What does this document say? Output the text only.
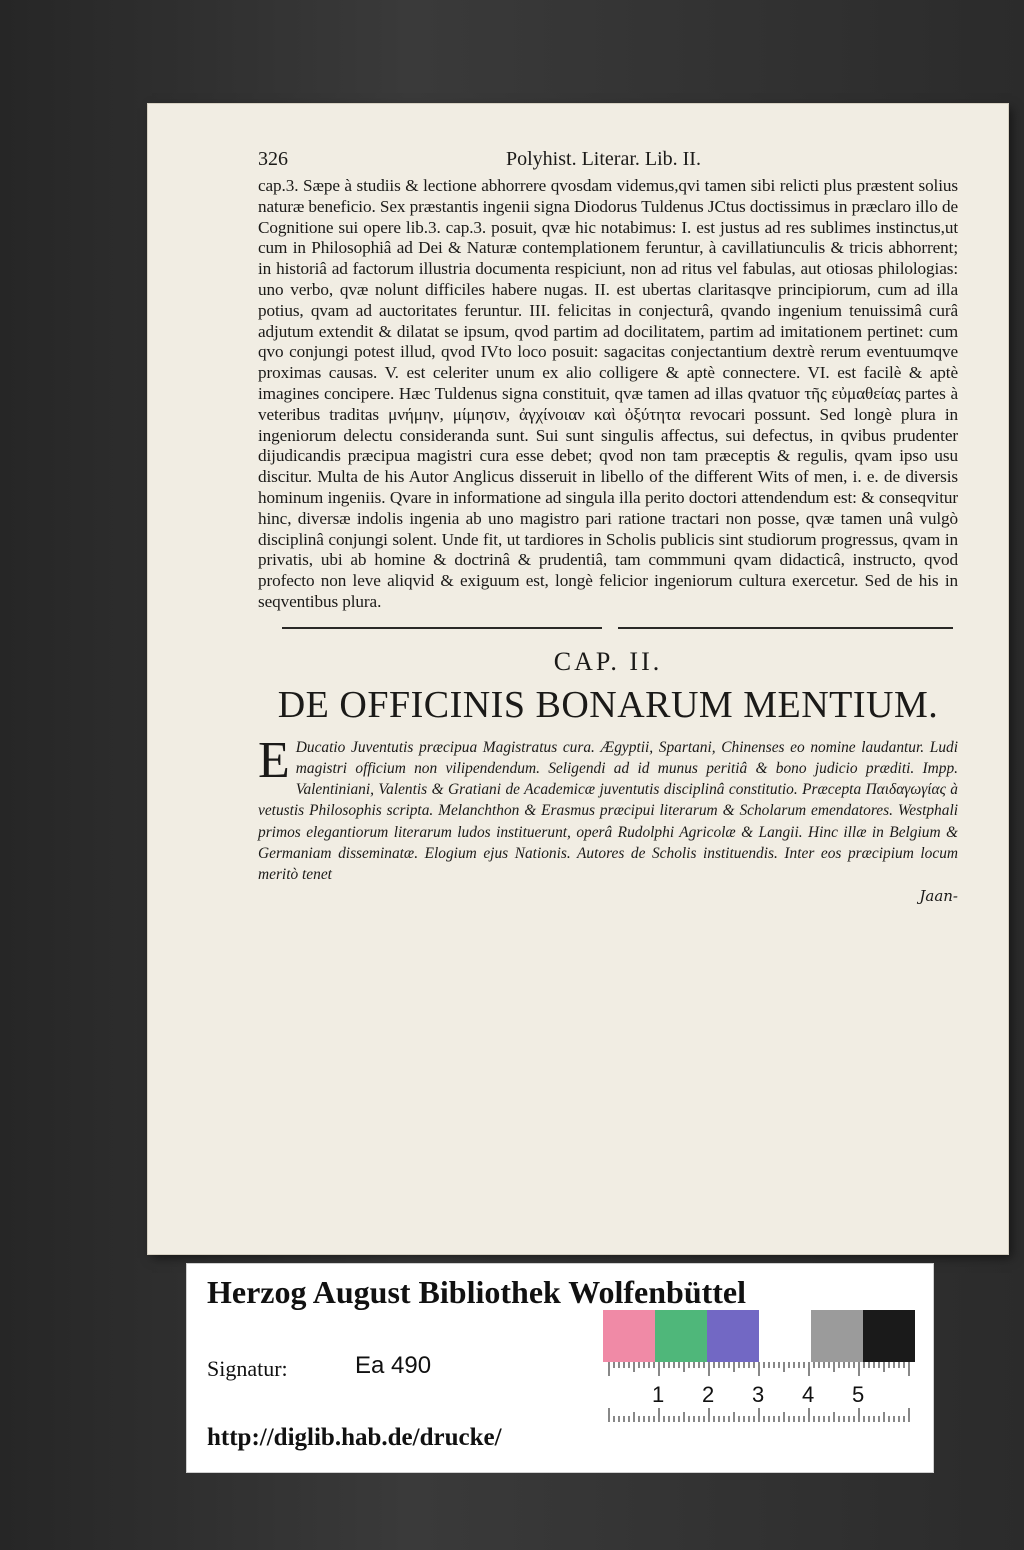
326	Polyhist. Literar. Lib. II.

cap.3. Sæpe à studiis & lectione abhorrere qvosdam videmus,qvi tamen sibi relicti plus præstent solius naturæ beneficio. Sex præstantis ingenii signa Diodorus Tuldenus JCtus doctissimus in præclaro illo de Cognitione sui opere lib.3. cap.3. posuit, qvæ hic notabimus: I. est justus ad res sublimes instinctus,ut cum in Philosophiâ ad Dei & Naturæ contemplationem feruntur, à cavillatiunculis & tricis abhorrent; in historiâ ad factorum illustria documenta respiciunt, non ad ritus vel fabulas, aut otiosas philologias: uno verbo, qvæ nolunt difficiles habere nugas. II. est ubertas claritasqve principiorum, cum ad illa potius, qvam ad auctoritates feruntur. III. felicitas in conjecturâ, qvando ingenium tenuissimâ curâ adjutum extendit & dilatat se ipsum, qvod partim ad docilitatem, partim ad imitationem pertinet: cum qvo conjungi potest illud, qvod IVto loco posuit: sagacitas conjectantium dextrè rerum eventuumqve proximas causas. V. est celeriter unum ex alio colligere & aptè connectere. VI. est facilè & aptè imagines concipere. Hæc Tuldenus signa constituit, qvæ tamen ad illas qvatuor τῆς εὐμαθείας partes à veteribus traditas μνήμην, μίμησιν, ἀγχίνοιαν καὶ ὀξύτητα revocari possunt. Sed longè plura in ingeniorum delectu considerandа sunt. Sui sunt singulis affectus, sui defectus, in qvibus prudenter dijudicandis præcipua magistri cura esse debet; qvod non tam præceptis & regulis, qvam ipso usu discitur. Multa de his Autor Anglicus disseruit in libello of the different Wits of men, i. e. de diversis hominum ingeniis. Qvare in informatione ad singula illa perito doctori attendendum est: & conseqvitur hinc, diversæ indolis ingenia ab uno magistro pari ratione tractari non posse, qvæ tamen unâ vulgò disciplinâ conjungi solent. Unde fit, ut tardiores in Scholis publicis sint studiorum progressus, qvam in privatis, ubi ab homine & doctrinâ & prudentiâ, tam commmuni qvam didacticâ, instructo, qvod profecto non leve aliqvid & exiguum est, longè felicior ingeniorum cultura exercetur. Sed de his in seqventibus plura.

CAP. II.
DE OFFICINIS BONARUM MENTIUM.

E Ducatio Juventutis præcipua Magistratus cura. Ægyptii, Spartani, Chinenses eo nomine laudantur. Ludi magistri officium non vilipendendum. Seligendi ad id munus peritiâ & bono judicio præditi. Impp. Valentiniani, Valentis & Gratiani de Academicæ juventutis disciplinâ constitutio. Præcepta Παιδαγωγίας à vetustis Philosophis scripta. Melanchthon & Erasmus præcipui literarum & Scholarum emendatores. Westphali primos elegantiorum literarum ludos instituerunt, operâ Rudolphi Agricolæ & Langii. Hinc illæ in Belgium & Germaniam disseminatæ. Elogium ejus Nationis. Autores de Scholis instituendis. Inter eos præcipium locum meritò tenet

Jaan-
Herzog August Bibliothek Wolfenbüttel
Signatur:	Ea 490
1 2 3 4 5
http://diglib.hab.de/drucke/
